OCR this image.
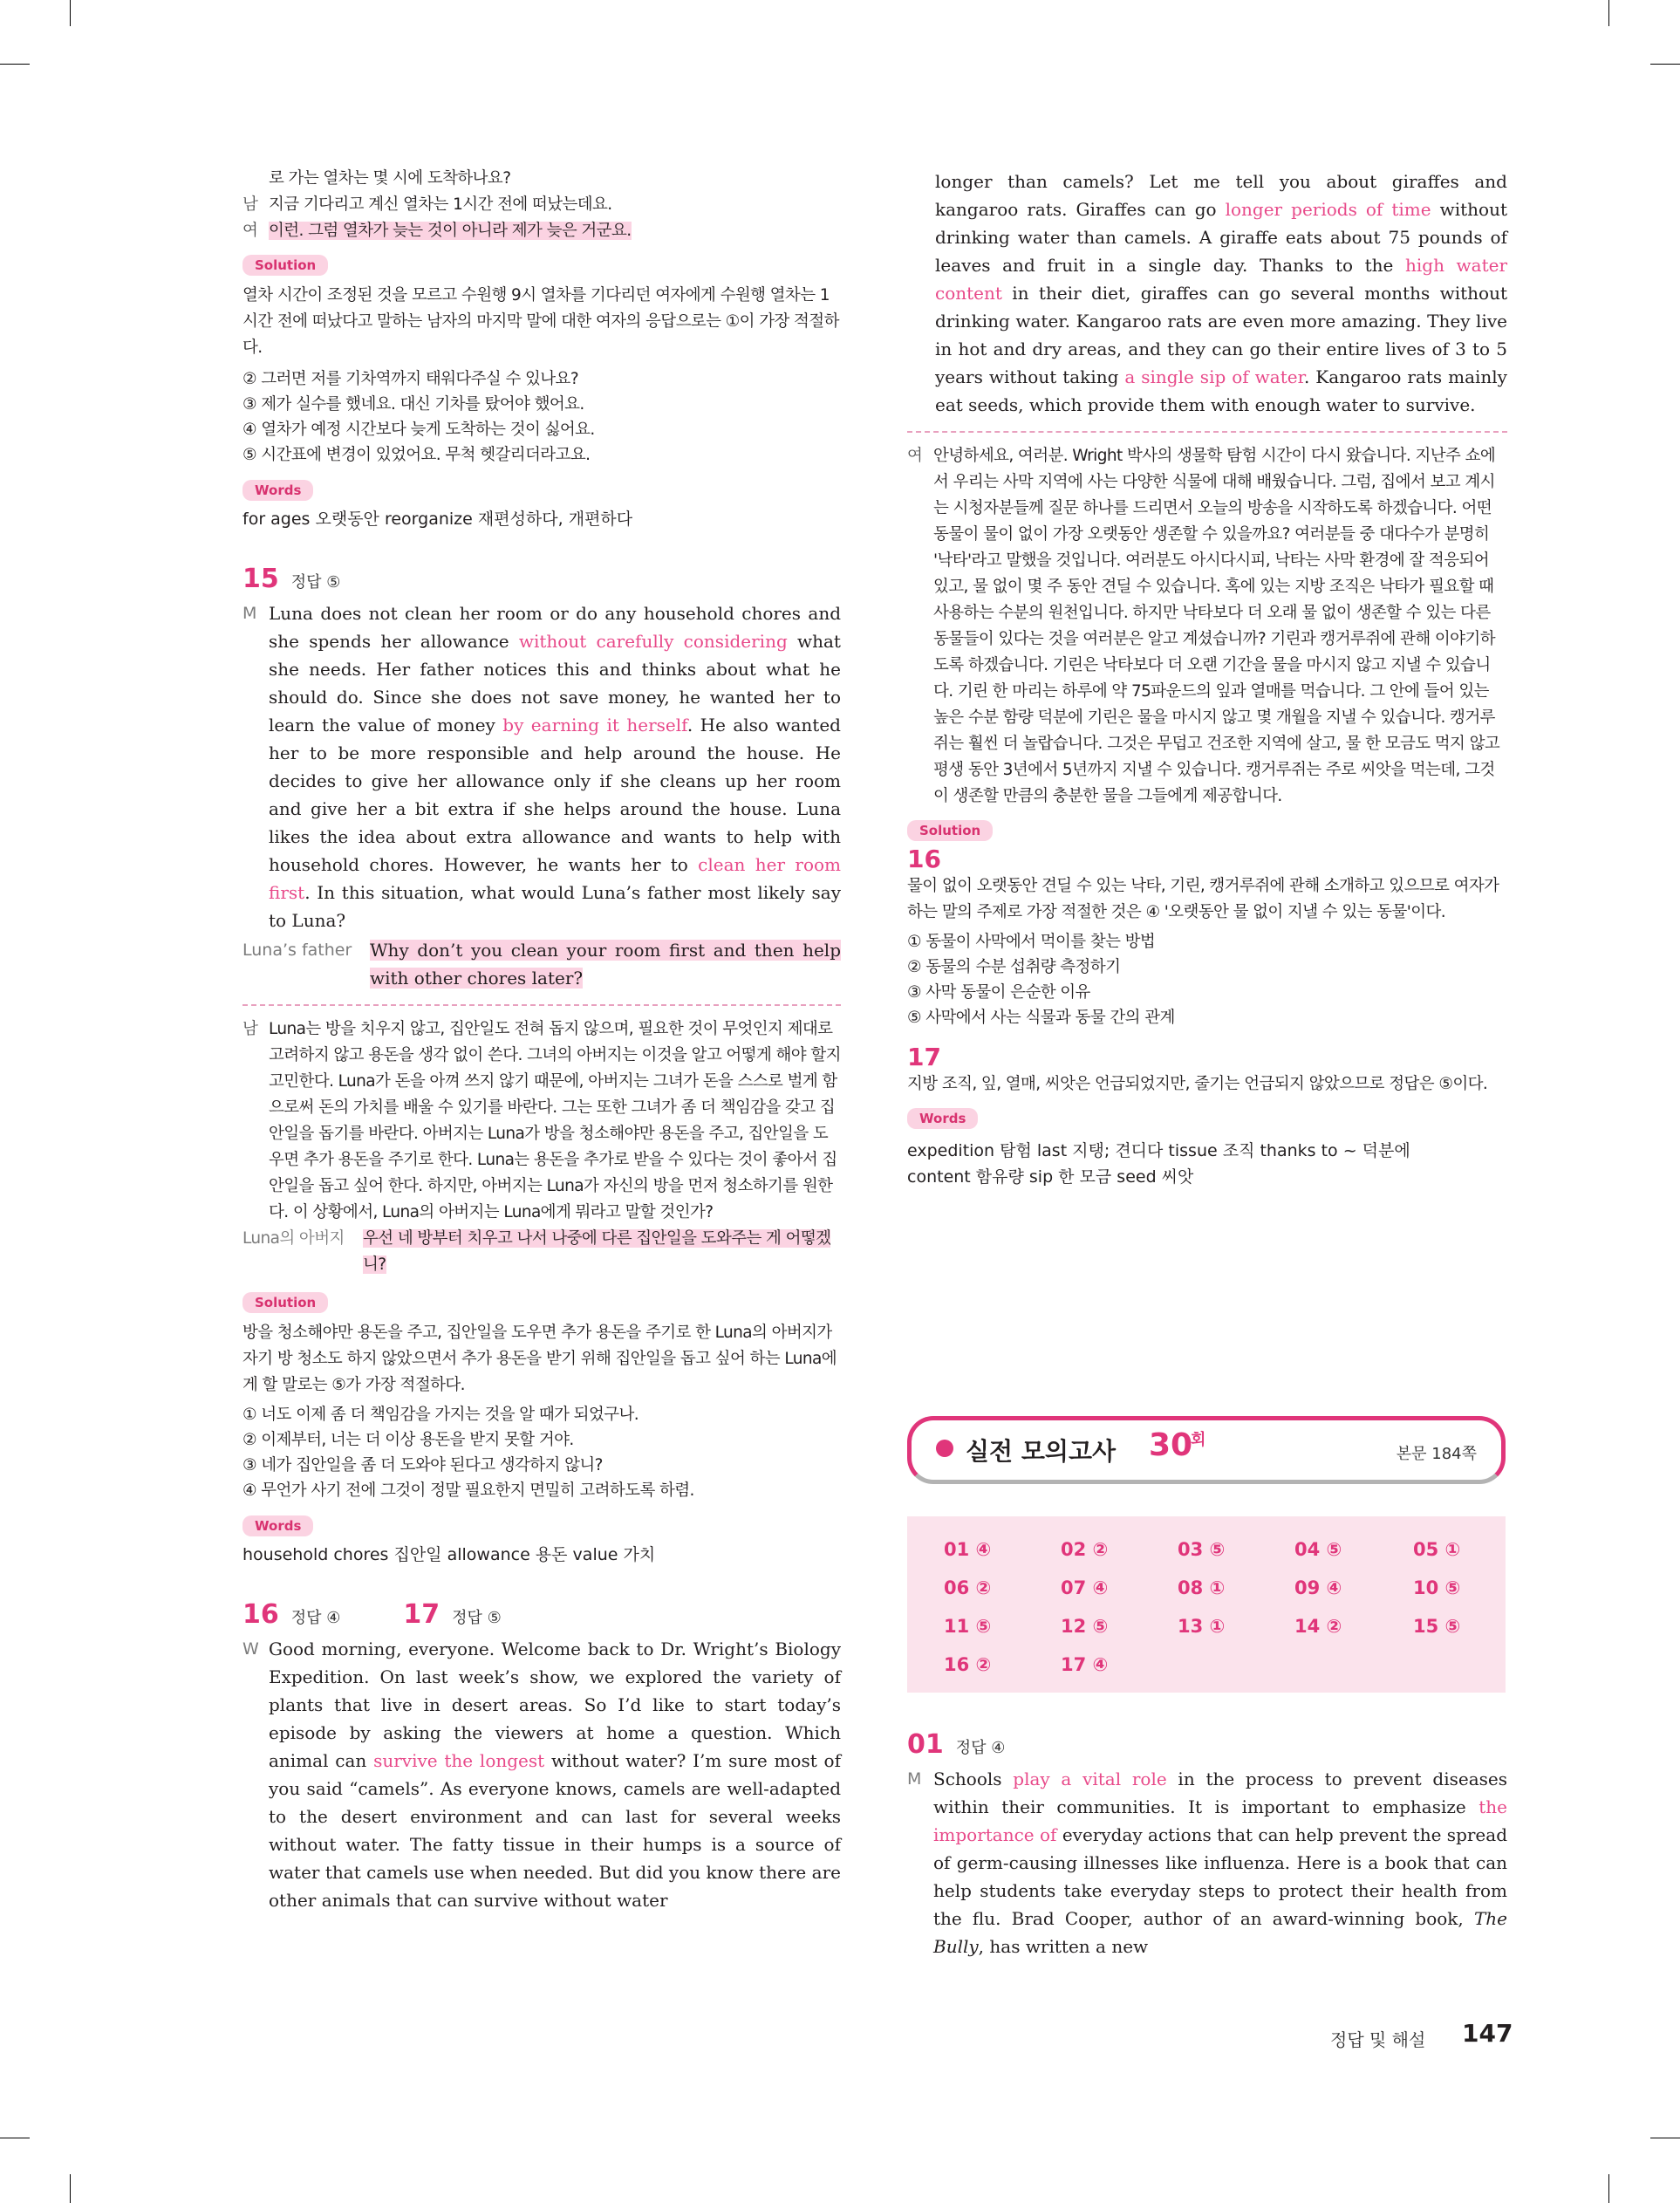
로 가는 열차는 몇 시에 도착하나요?
남 지금 기다리고 계신 열차는 1시간 전에 떠났는데요.
여 이런. 그럼 열차가 늦는 것이 아니라 제가 늦은 거군요.
Solution
열차 시간이 조정된 것을 모르고 수원행 9시 열차를 기다리던 여자에게 수원행 열차는 1시간 전에 떠났다고 말하는 남자의 마지막 말에 대한 여자의 응답으로는 ①이 가장 적절하다.
② 그러면 저를 기차역까지 태워다주실 수 있나요?
③ 제가 실수를 했네요. 대신 기차를 탔어야 했어요.
④ 열차가 예정 시간보다 늦게 도착하는 것이 싫어요.
⑤ 시간표에 변경이 있었어요. 무척 헷갈리더라고요.
Words
for ages 오랫동안 reorganize 재편성하다, 개편하다
15 정답 ⑤
M Luna does not clean her room or do any household chores and she spends her allowance without carefully considering what she needs. Her father notices this and thinks about what he should do. Since she does not save money, he wanted her to learn the value of money by earning it herself. He also wanted her to be more responsible and help around the house. He decides to give her allowance only if she cleans up her room and give her a bit extra if she helps around the house. Luna likes the idea about extra allowance and wants to help with household chores. However, he wants her to clean her room first. In this situation, what would Luna’s father most likely say to Luna?
Luna’s father	Why don’t you clean your room first and then help with other chores later?
남 Luna는 방을 치우지 않고, 집안일도 전혀 돕지 않으며, 필요한 것이 무엇인지 제대로 고려하지 않고 용돈을 생각 없이 쓴다. 그녀의 아버지는 이것을 알고 어떻게 해야 할지 고민한다. Luna가 돈을 아껴 쓰지 않기 때문에, 아버지는 그녀가 돈을 스스로 벌게 함으로써 돈의 가치를 배울 수 있기를 바란다. 그는 또한 그녀가 좀 더 책임감을 갖고 집안일을 돕기를 바란다. 아버지는 Luna가 방을 청소해야만 용돈을 주고, 집안일을 도우면 추가 용돈을 주기로 한다. Luna는 용돈을 추가로 받을 수 있다는 것이 좋아서 집안일을 돕고 싶어 한다. 하지만, 아버지는 Luna가 자신의 방을 먼저 청소하기를 원한다. 이 상황에서, Luna의 아버지는 Luna에게 뭐라고 말할 것인가?
Luna의 아버지	우선 네 방부터 치우고 나서 나중에 다른 집안일을 도와주는 게 어떻겠니?
Solution
방을 청소해야만 용돈을 주고, 집안일을 도우면 추가 용돈을 주기로 한 Luna의 아버지가 자기 방 청소도 하지 않았으면서 추가 용돈을 받기 위해 집안일을 돕고 싶어 하는 Luna에게 할 말로는 ⑤가 가장 적절하다.
① 너도 이제 좀 더 책임감을 가지는 것을 알 때가 되었구나.
② 이제부터, 너는 더 이상 용돈을 받지 못할 거야.
③ 네가 집안일을 좀 더 도와야 된다고 생각하지 않니?
④ 무언가 사기 전에 그것이 정말 필요한지 면밀히 고려하도록 하렴.
Words
household chores 집안일 allowance 용돈 value 가치
16 정답 ④ 17 정답 ⑤
W Good morning, everyone. Welcome back to Dr. Wright’s Biology Expedition. On last week’s show, we explored the variety of plants that live in desert areas. So I’d like to start today’s episode by asking the viewers at home a question. Which animal can survive the longest without water? I’m sure most of you said “camels”. As everyone knows, camels are well-adapted to the desert environment and can last for several weeks without water. The fatty tissue in their humps is a source of water that camels use when needed. But did you know there are other animals that can survive without water
longer than camels? Let me tell you about giraffes and kangaroo rats. Giraffes can go longer periods of time without drinking water than camels. A giraffe eats about 75 pounds of leaves and fruit in a single day. Thanks to the high water content in their diet, giraffes can go several months without drinking water. Kangaroo rats are even more amazing. They live in hot and dry areas, and they can go their entire lives of 3 to 5 years without taking a single sip of water. Kangaroo rats mainly eat seeds, which provide them with enough water to survive.
여 안녕하세요, 여러분. Wright 박사의 생물학 탐험 시간이 다시 왔습니다. 지난주 쇼에서 우리는 사막 지역에 사는 다양한 식물에 대해 배웠습니다. 그럼, 집에서 보고 계시는 시청자분들께 질문 하나를 드리면서 오늘의 방송을 시작하도록 하겠습니다. 어떤 동물이 물이 없이 가장 오랫동안 생존할 수 있을까요? 여러분들 중 대다수가 분명히 '낙타'라고 말했을 것입니다. 여러분도 아시다시피, 낙타는 사막 환경에 잘 적응되어 있고, 물 없이 몇 주 동안 견딜 수 있습니다. 혹에 있는 지방 조직은 낙타가 필요할 때 사용하는 수분의 원천입니다. 하지만 낙타보다 더 오래 물 없이 생존할 수 있는 다른 동물들이 있다는 것을 여러분은 알고 계셨습니까? 기린과 캥거루쥐에 관해 이야기하도록 하겠습니다. 기린은 낙타보다 더 오랜 기간을 물을 마시지 않고 지낼 수 있습니다. 기린 한 마리는 하루에 약 75파운드의 잎과 열매를 먹습니다. 그 안에 들어 있는 높은 수분 함량 덕분에 기린은 물을 마시지 않고 몇 개월을 지낼 수 있습니다. 캥거루쥐는 훨씬 더 놀랍습니다. 그것은 무덥고 건조한 지역에 살고, 물 한 모금도 먹지 않고 평생 동안 3년에서 5년까지 지낼 수 있습니다. 캥거루쥐는 주로 씨앗을 먹는데, 그것이 생존할 만큼의 충분한 물을 그들에게 제공합니다.
Solution
16
물이 없이 오랫동안 견딜 수 있는 낙타, 기린, 캥거루쥐에 관해 소개하고 있으므로 여자가 하는 말의 주제로 가장 적절한 것은 ④ '오랫동안 물 없이 지낼 수 있는 동물'이다.
① 동물이 사막에서 먹이를 찾는 방법
② 동물의 수분 섭취량 측정하기
③ 사막 동물이 은순한 이유
⑤ 사막에서 사는 식물과 동물 간의 관계
17
지방 조직, 잎, 열매, 씨앗은 언급되었지만, 줄기는 언급되지 않았으므로 정답은 ⑤이다.
Words
expedition 탐험 last 지탱; 견디다 tissue 조직 thanks to ~ 덕분에
content 함유량 sip 한 모금 seed 씨앗
실전 모의고사 30
회
본문 184쪽
01 ④	02 ②	03 ⑤	04 ⑤	05 ①
06 ②	07 ④	08 ①	09 ④	10 ⑤
11 ⑤	12 ⑤	13 ①	14 ②	15 ⑤
16 ②	17 ④
01 정답 ④
M Schools play a vital role in the process to prevent diseases within their communities. It is important to emphasize the importance of everyday actions that can help prevent the spread of germ-causing illnesses like influenza. Here is a book that can help students take everyday steps to protect their health from the flu. Brad Cooper, author of an award-winning book, The Bully, has written a new
정답 및 해설 147
